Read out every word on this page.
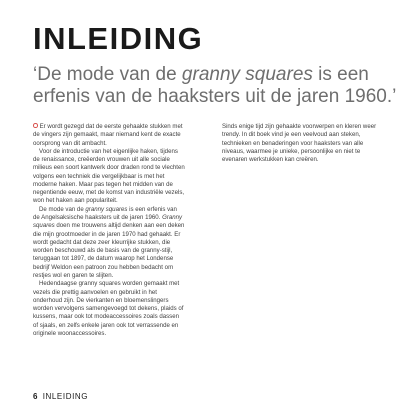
INLEIDING

‘De mode van de granny squares is een erfenis van de haaksters uit de jaren 1960.’

Er wordt gezegd dat de eerste gehaakte stukken met de vingers zijn gemaakt, maar niemand kent de exacte oorsprong van dit ambacht.

Voor de introductie van het eigenlijke haken, tijdens de renaissance, creëerden vrouwen uit alle sociale milieus een soort kantwerk door draden rond te vlechten volgens een techniek die vergelijkbaar is met het moderne haken. Maar pas tegen het midden van de negentiende eeuw, met de komst van industriële vezels, won het haken aan populariteit.

De mode van de granny squares is een erfenis van de Angelsaksische haaksters uit de jaren 1960. Granny squares doen me trouwens altijd denken aan een deken die mijn grootmoeder in de jaren 1970 had gehaakt. Er wordt gedacht dat deze zeer kleurrijke stukken, die worden beschouwd als de basis van de granny-stijl, teruggaan tot 1897, de datum waarop het Londense bedrijf Weldon een patroon zou hebben bedacht om restjes wol en garen te slijten.

Hedendaagse granny squares worden gemaakt met vezels die prettig aanvoelen en gebruikt in het onderhoud zijn. De vierkanten en bloemenslingers worden vervolgens samengevoegd tot dekens, plaids of kussens, maar ook tot modeaccessoires zoals dassen of sjaals, en zelfs enkele jaren ook tot verrassende en originele woonaccessoires.

Sinds enige tijd zijn gehaakte voorwerpen en kleren weer trendy. In dit boek vind je een veelvoud aan steken, technieken en benaderingen voor haaksters van alle niveaus, waarmee je unieke, persoonlijke en niet te evenaren werkstukken kan creëren.

6 INLEIDING
